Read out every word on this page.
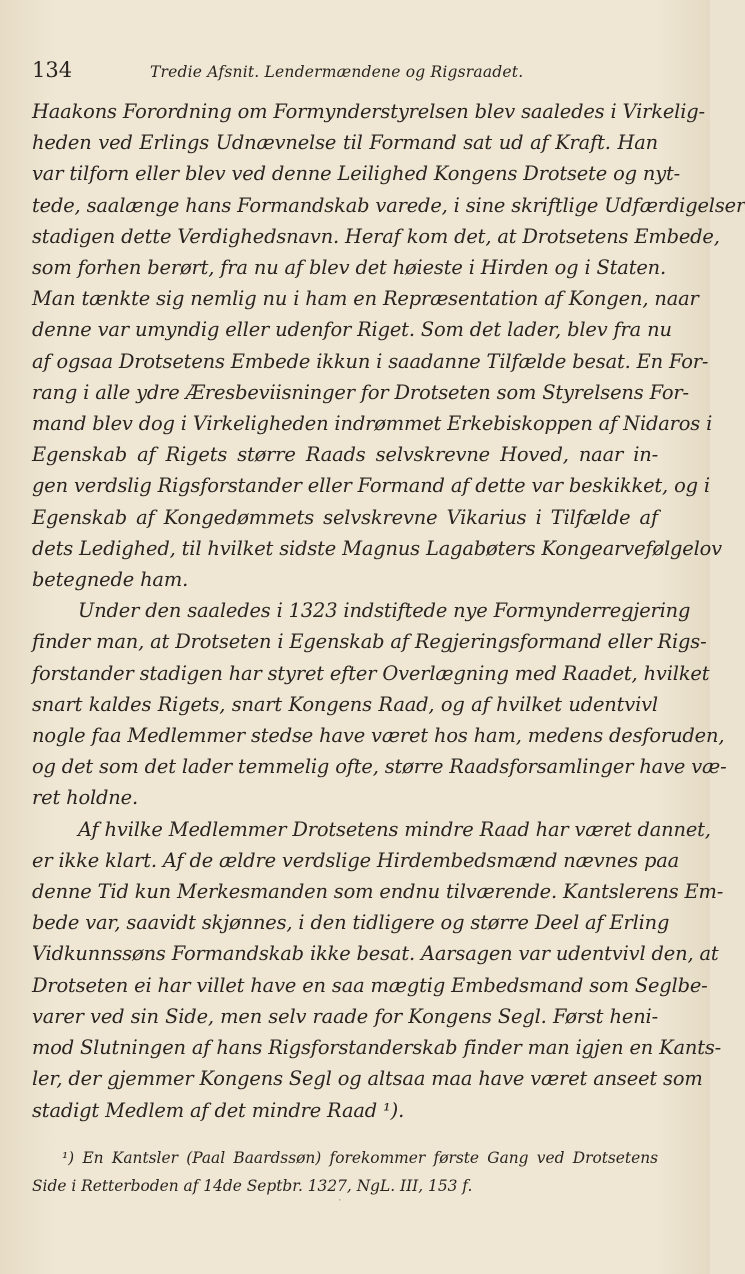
134	Tredie Afsnit. Lendermændene og Rigsraadet.
Haakons Forordning om Formynderstyrelsen blev saaledes i Virkelig-
heden ved Erlings Udnævnelse til Formand sat ud af Kraft. Han
var tilforn eller blev ved denne Leilighed Kongens Drotsete og nyt-
tede, saalænge hans Formandskab varede, i sine skriftlige Udfærdigelser
stadigen dette Verdighedsnavn. Heraf kom det, at Drotsetens Embede,
som forhen berørt, fra nu af blev det høieste i Hirden og i Staten.
Man tænkte sig nemlig nu i ham en Repræsentation af Kongen, naar
denne var umyndig eller udenfor Riget. Som det lader, blev fra nu
af ogsaa Drotsetens Embede ikkun i saadanne Tilfælde besat. En For-
rang i alle ydre Æresbeviisninger for Drotseten som Styrelsens For-
mand blev dog i Virkeligheden indrømmet Erkebiskoppen af Nidaros i
Egenskab af Rigets større Raads selvskrevne Hoved, naar in-
gen verdslig Rigsforstander eller Formand af dette var beskikket, og i
Egenskab af Kongedømmets selvskrevne Vikarius i Tilfælde af
dets Ledighed, til hvilket sidste Magnus Lagabøters Kongearvefølgelov
betegnede ham.
Under den saaledes i 1323 indstiftede nye Formynderregjering
finder man, at Drotseten i Egenskab af Regjeringsformand eller Rigs-
forstander stadigen har styret efter Overlægning med Raadet, hvilket
snart kaldes Rigets, snart Kongens Raad, og af hvilket udentvivl
nogle faa Medlemmer stedse have været hos ham, medens desforuden,
og det som det lader temmelig ofte, større Raadsforsamlinger have væ-
ret holdne.
Af hvilke Medlemmer Drotsetens mindre Raad har været dannet,
er ikke klart. Af de ældre verdslige Hirdembedsmænd nævnes paa
denne Tid kun Merkesmanden som endnu tilværende. Kantslerens Em-
bede var, saavidt skjønnes, i den tidligere og større Deel af Erling
Vidkunnssøns Formandskab ikke besat. Aarsagen var udentvivl den, at
Drotseten ei har villet have en saa mægtig Embedsmand som Seglbe-
varer ved sin Side, men selv raade for Kongens Segl. Først heni-
mod Slutningen af hans Rigsforstanderskab finder man igjen en Kants-
ler, der gjemmer Kongens Segl og altsaa maa have været anseet som
stadigt Medlem af det mindre Raad ¹).
¹) En Kantsler (Paal Baardssøn) forekommer første Gang ved Drotsetens
Side i Retterboden af 14de Septbr. 1327, NgL. III, 153 f.
˙
